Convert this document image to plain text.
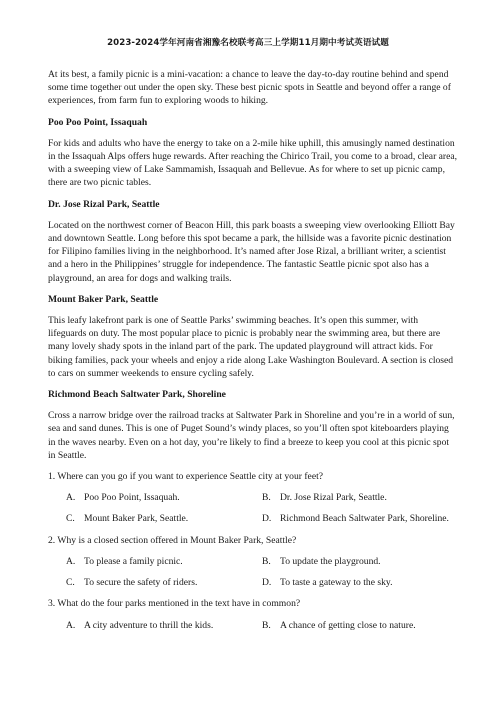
2023-2024学年河南省湘豫名校联考高三上学期11月期中考试英语试题

At its best, a family picnic is a mini-vacation: a chance to leave the day-to-day routine behind and spend some time together out under the open sky. These best picnic spots in Seattle and beyond offer a range of experiences, from farm fun to exploring woods to hiking.

Poo Poo Point, Issaquah

For kids and adults who have the energy to take on a 2-mile hike uphill, this amusingly named destination in the Issaquah Alps offers huge rewards. After reaching the Chirico Trail, you come to a broad, clear area, with a sweeping view of Lake Sammamish, Issaquah and Bellevue. As for where to set up picnic camp, there are two picnic tables.

Dr. Jose Rizal Park, Seattle

Located on the northwest corner of Beacon Hill, this park boasts a sweeping view overlooking Elliott Bay and downtown Seattle. Long before this spot became a park, the hillside was a favorite picnic destination for Filipino families living in the neighborhood. It’s named after Jose Rizal, a brilliant writer, a scientist and a hero in the Philippines’ struggle for independence. The fantastic Seattle picnic spot also has a playground, an area for dogs and walking trails.

Mount Baker Park, Seattle

This leafy lakefront park is one of Seattle Parks’ swimming beaches. It’s open this summer, with lifeguards on duty. The most popular place to picnic is probably near the swimming area, but there are many lovely shady spots in the inland part of the park. The updated playground will attract kids. For biking families, pack your wheels and enjoy a ride along Lake Washington Boulevard. A section is closed to cars on summer weekends to ensure cycling safely.

Richmond Beach Saltwater Park, Shoreline

Cross a narrow bridge over the railroad tracks at Saltwater Park in Shoreline and you’re in a world of sun, sea and sand dunes. This is one of Puget Sound’s windy places, so you’ll often spot kiteboarders playing in the waves nearby. Even on a hot day, you’re likely to find a breeze to keep you cool at this picnic spot in Seattle.

1. Where can you go if you want to experience Seattle city at your feet?

A. Poo Poo Point, Issaquah.	B. Dr. Jose Rizal Park, Seattle.
C. Mount Baker Park, Seattle.	D. Richmond Beach Saltwater Park, Shoreline.

2. Why is a closed section offered in Mount Baker Park, Seattle?

A. To please a family picnic.	B. To update the playground.
C. To secure the safety of riders.	D. To taste a gateway to the sky.

3. What do the four parks mentioned in the text have in common?

A. A city adventure to thrill the kids.	B. A chance of getting close to nature.
